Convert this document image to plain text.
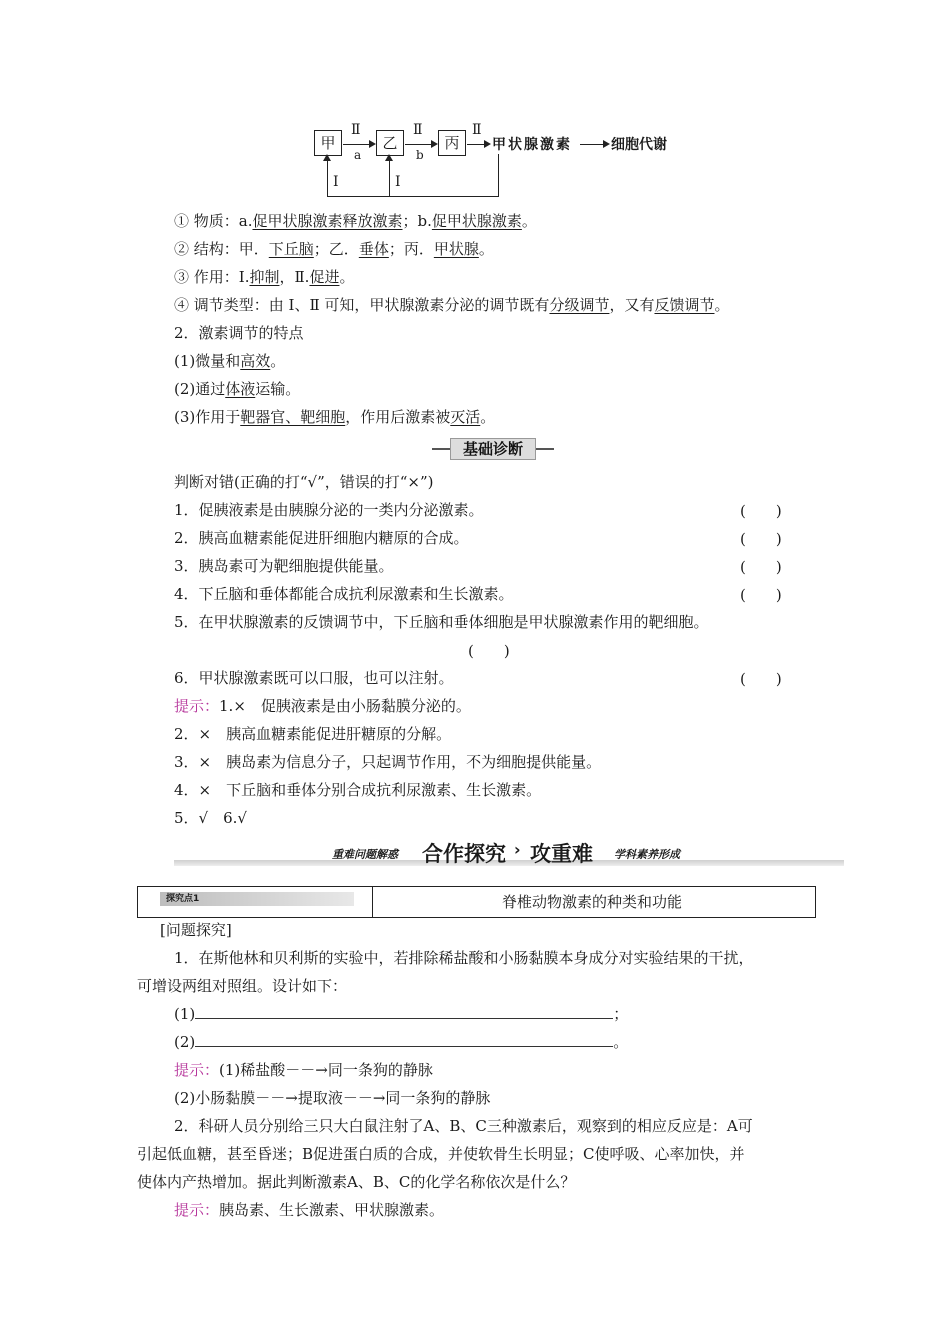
甲	乙	丙
Ⅱ
a
Ⅱ
b
Ⅱ
甲状腺激素	细胞代谢
Ⅰ	Ⅰ
① 物质：a.促甲状腺激素释放激素；b.促甲状腺激素。
② 结构：甲．下丘脑；乙．垂体；丙．甲状腺。
③ 作用：Ⅰ.抑制，Ⅱ.促进。
④ 调节类型：由 Ⅰ、Ⅱ 可知，甲状腺激素分泌的调节既有分级调节，又有反馈调节。
2．激素调节的特点
(1)微量和高效。
(2)通过体液运输。
(3)作用于靶器官、靶细胞，作用后激素被灭活。
基础诊断
判断对错(正确的打“√”，错误的打“×”)
1．促胰液素是由胰腺分泌的一类内分泌激素。	(　　)
2．胰高血糖素能促进肝细胞内糖原的合成。	(　　)
3．胰岛素可为靶细胞提供能量。	(　　)
4．下丘脑和垂体都能合成抗利尿激素和生长激素。	(　　)
5．在甲状腺激素的反馈调节中，下丘脑和垂体细胞是甲状腺激素作用的靶细胞。
(　　)
6．甲状腺激素既可以口服，也可以注射。	(　　)
提示：1.×　促胰液素是由小肠黏膜分泌的。
2．×　胰高血糖素能促进肝糖原的分解。
3．×　胰岛素为信息分子，只起调节作用，不为细胞提供能量。
4．×　下丘脑和垂体分别合成抗利尿激素、生长激素。
5．√　6.√
重难问题解惑 合作探究 › 攻重难 学科素养形成
探究点1	脊椎动物激素的种类和功能
[问题探究]
1．在斯他林和贝利斯的实验中，若排除稀盐酸和小肠黏膜本身成分对实验结果的干扰，
可增设两组对照组。设计如下：
(1)	；
(2)	。
提示：(1)稀盐酸－－→同一条狗的静脉
(2)小肠黏膜－－→提取液－－→同一条狗的静脉
2．科研人员分别给三只大白鼠注射了A、B、C三种激素后，观察到的相应反应是：A可
引起低血糖，甚至昏迷；B促进蛋白质的合成，并使软骨生长明显；C使呼吸、心率加快，并
使体内产热增加。据此判断激素A、B、C的化学名称依次是什么？
提示：胰岛素、生长激素、甲状腺激素。
